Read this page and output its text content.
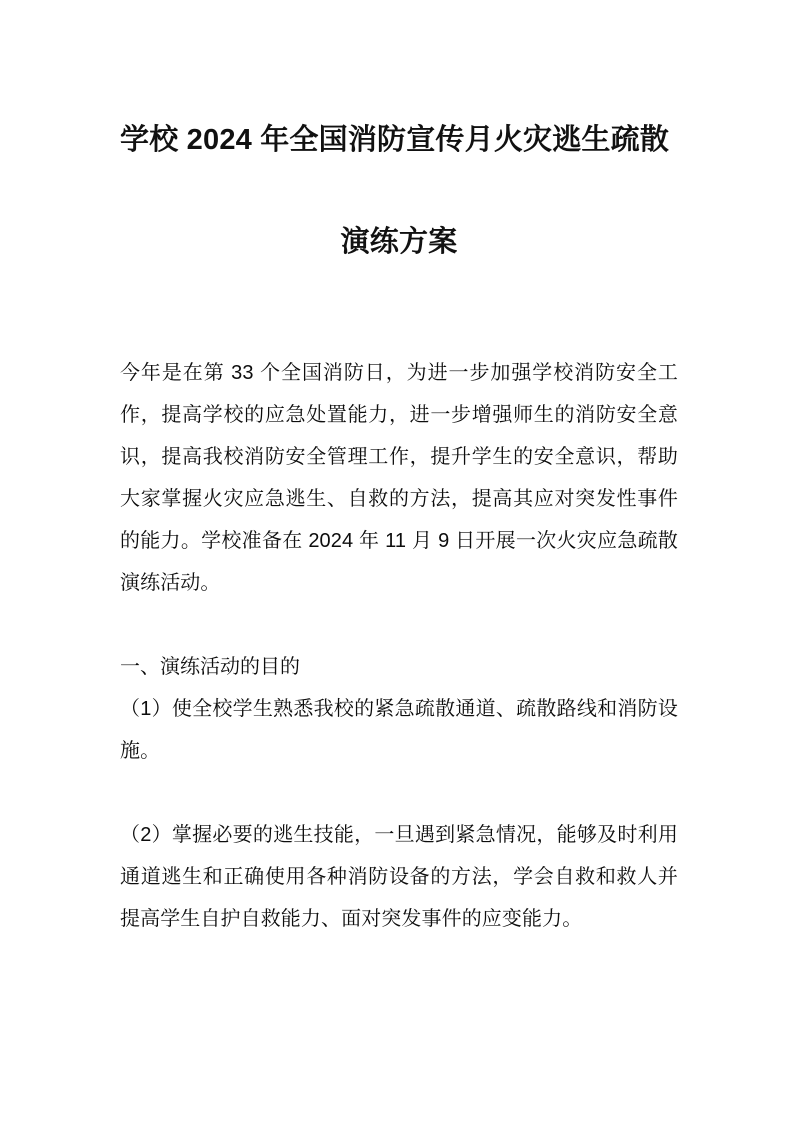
学校 2024 年全国消防宣传月火灾逃生疏散
演练方案

今年是在第 33 个全国消防日，为进一步加强学校消防安全工作，提高学校的应急处置能力，进一步增强师生的消防安全意识，提高我校消防安全管理工作，提升学生的安全意识，帮助大家掌握火灾应急逃生、自救的方法，提高其应对突发性事件的能力。学校准备在 2024 年 11 月 9 日开展一次火灾应急疏散演练活动。

一、演练活动的目的

（1）使全校学生熟悉我校的紧急疏散通道、疏散路线和消防设施。

（2）掌握必要的逃生技能，一旦遇到紧急情况，能够及时利用通道逃生和正确使用各种消防设备的方法，学会自救和救人并提高学生自护自救能力、面对突发事件的应变能力。
